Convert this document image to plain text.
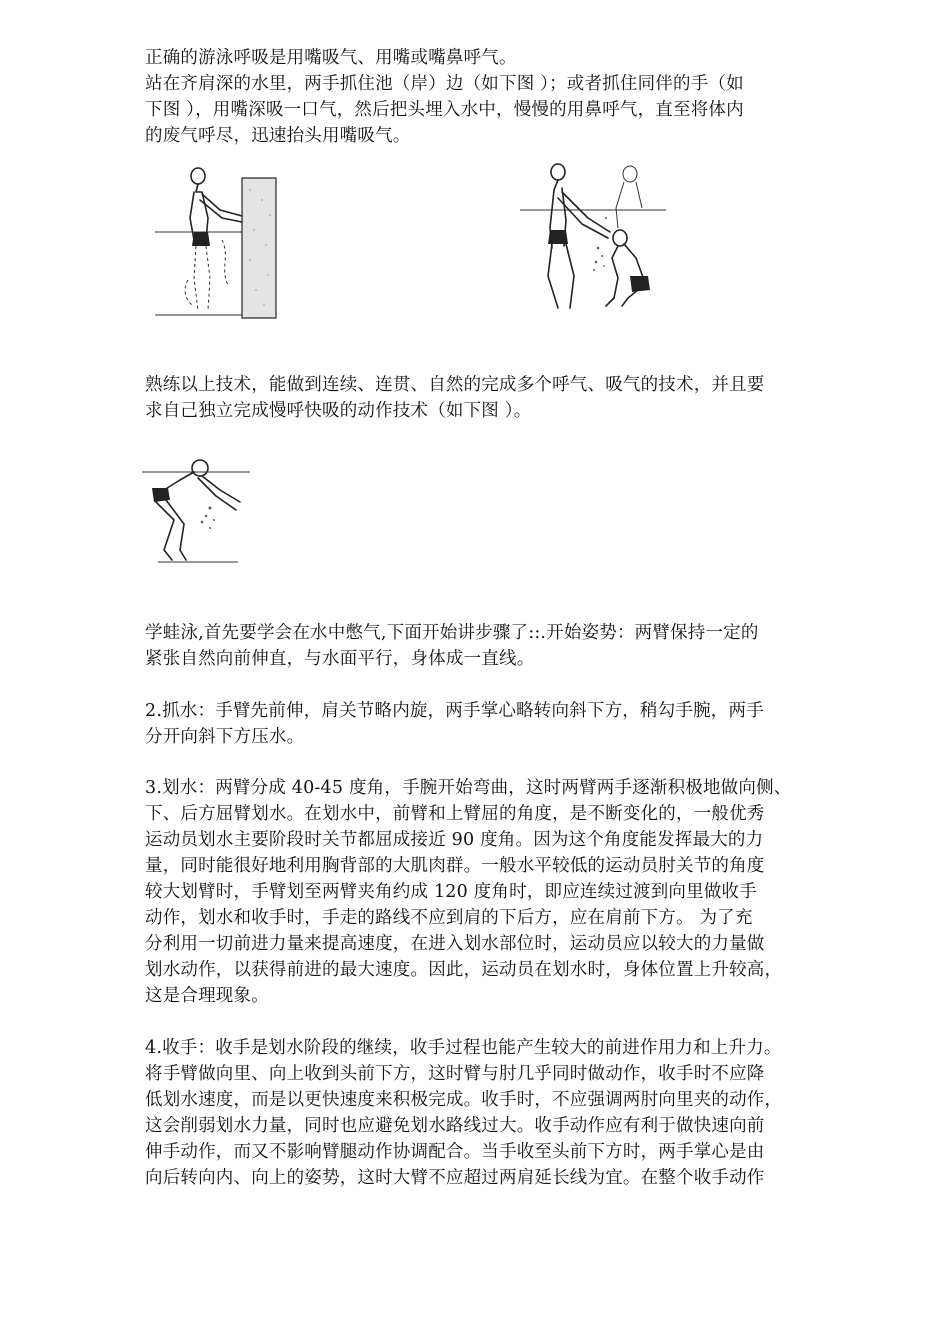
正确的游泳呼吸是用嘴吸气、用嘴或嘴鼻呼气。
站在齐肩深的水里，两手抓住池（岸）边（如下图 ）；或者抓住同伴的手（如
下图 ），用嘴深吸一口气，然后把头埋入水中，慢慢的用鼻呼气，直至将体内
的废气呼尽，迅速抬头用嘴吸气。
熟练以上技术，能做到连续、连贯、自然的完成多个呼气、吸气的技术，并且要
求自己独立完成慢呼快吸的动作技术（如下图 ）。
学蛙泳,首先要学会在水中憋气,下面开始讲步骤了::.开始姿势：两臂保持一定的
紧张自然向前伸直，与水面平行，身体成一直线。
2.抓水：手臂先前伸，肩关节略内旋，两手掌心略转向斜下方，稍勾手腕，两手
分开向斜下方压水。
3.划水：两臂分成 40-45 度角，手腕开始弯曲，这时两臂两手逐渐积极地做向侧、
下、后方屈臂划水。在划水中，前臂和上臂屈的角度，是不断变化的，一般优秀
运动员划水主要阶段时关节都屈成接近 90 度角。因为这个角度能发挥最大的力
量，同时能很好地利用胸背部的大肌肉群。一般水平较低的运动员肘关节的角度
较大划臂时，手臂划至两臂夹角约成 120 度角时，即应连续过渡到向里做收手
动作，划水和收手时，手走的路线不应到肩的下后方，应在肩前下方。 为了充
分利用一切前进力量来提高速度，在进入划水部位时，运动员应以较大的力量做
划水动作，以获得前进的最大速度。因此，运动员在划水时，身体位置上升较高，
这是合理现象。
4.收手：收手是划水阶段的继续，收手过程也能产生较大的前进作用力和上升力。
将手臂做向里、向上收到头前下方，这时臂与肘几乎同时做动作，收手时不应降
低划水速度，而是以更快速度来积极完成。收手时，不应强调两肘向里夹的动作，
这会削弱划水力量，同时也应避免划水路线过大。收手动作应有利于做快速向前
伸手动作，而又不影响臂腿动作协调配合。当手收至头前下方时，两手掌心是由
向后转向内、向上的姿势，这时大臂不应超过两肩延长线为宜。在整个收手动作
